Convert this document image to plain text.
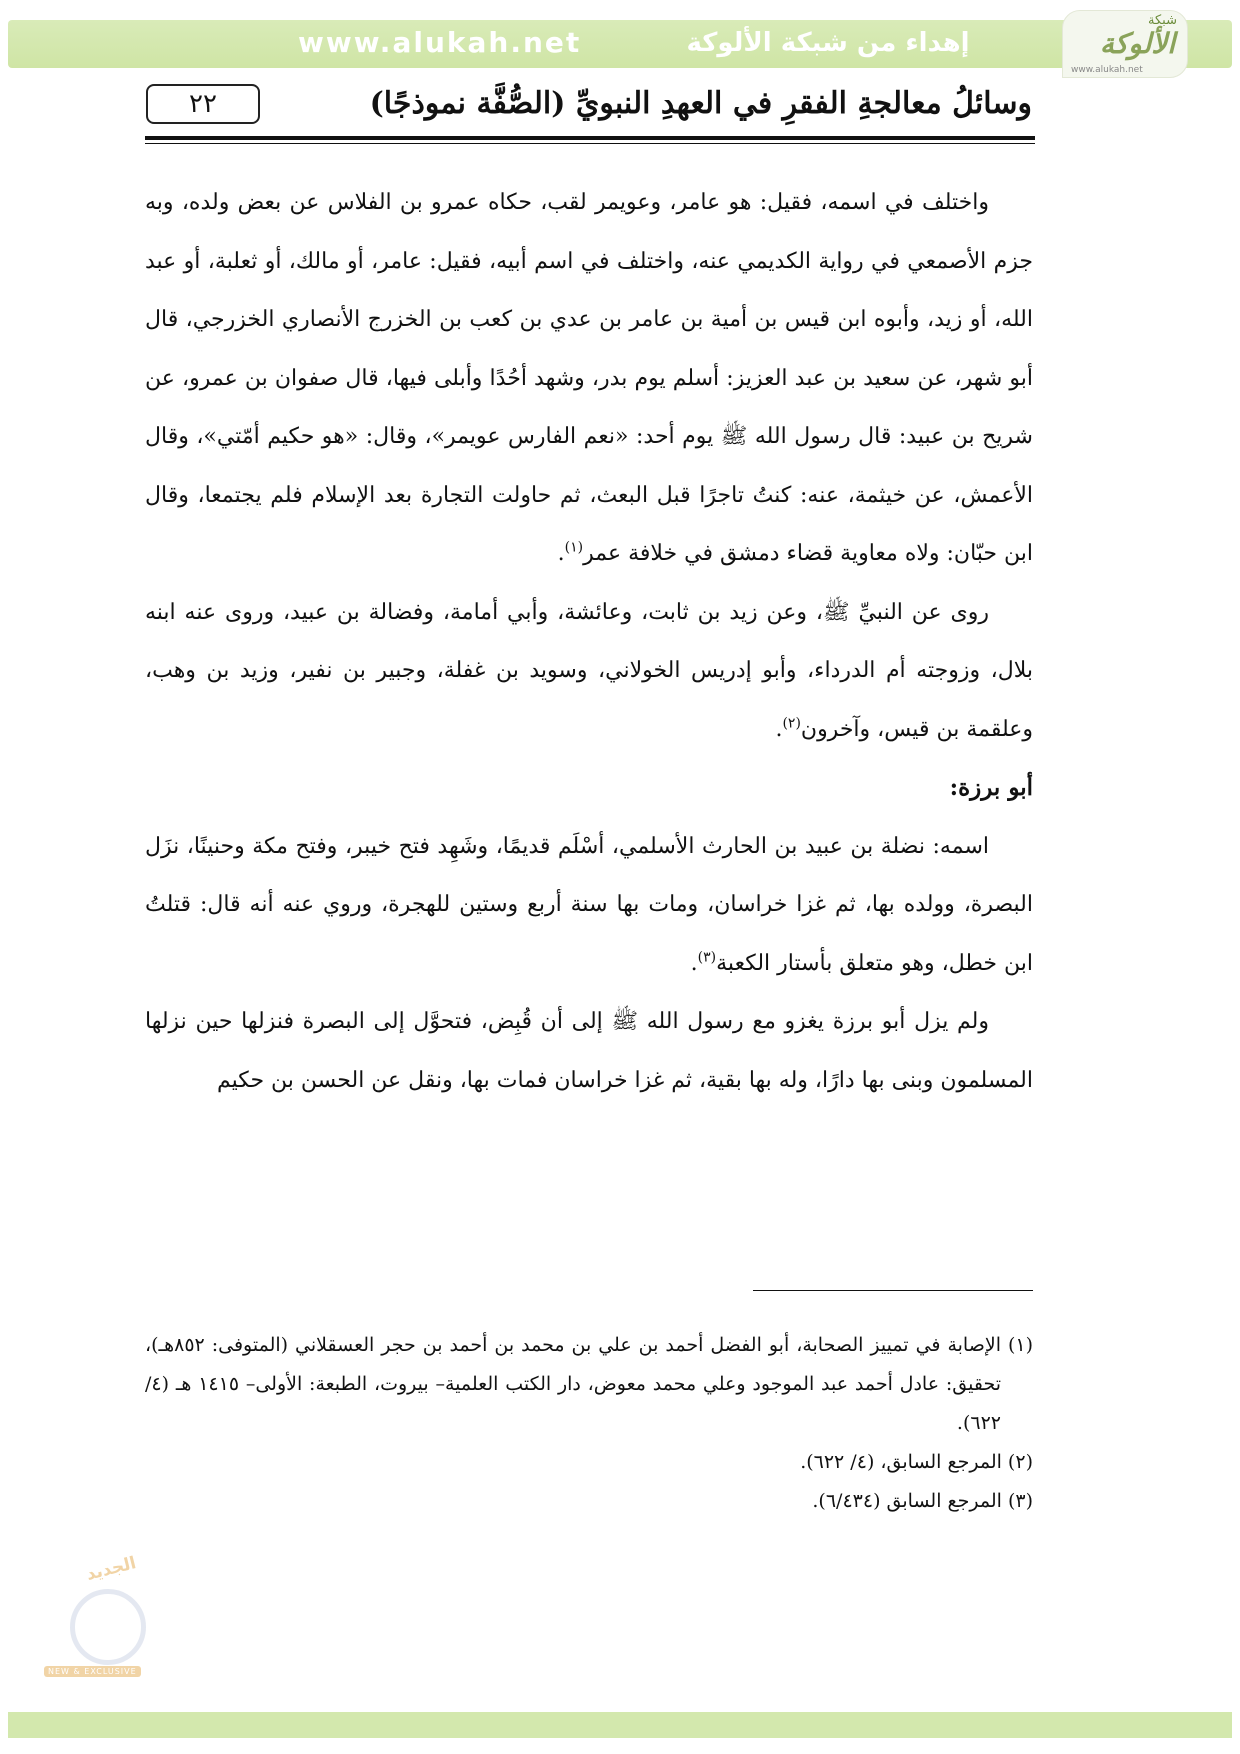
www.alukah.net	إهداء من شبكة الألوكة
شبكة
الألوكة
www.alukah.net
٢٢	وسائلُ معالجةِ الفقرِ في العهدِ النبويِّ (الصُّفَّة نموذجًا)

واختلف في اسمه، فقيل: هو عامر، وعويمر لقب، حكاه عمرو بن الفلاس عن بعض ولده، وبه جزم الأصمعي في رواية الكديمي عنه، واختلف في اسم أبيه، فقيل: عامر، أو مالك، أو ثعلبة، أو عبد الله، أو زيد، وأبوه ابن قيس بن أمية بن عامر بن عدي بن كعب بن الخزرج الأنصاري الخزرجي، قال أبو شهر، عن سعيد بن عبد العزيز: أسلم يوم بدر، وشهد أحُدًا وأبلى فيها، قال صفوان بن عمرو، عن شريح بن عبيد: قال رسول الله ﷺ يوم أحد: «نعم الفارس عويمر»، وقال: «هو حكيم أمّتي»، وقال الأعمش، عن خيثمة، عنه: كنتُ تاجرًا قبل البعث، ثم حاولت التجارة بعد الإسلام فلم يجتمعا، وقال ابن حبّان: ولاه معاوية قضاء دمشق في خلافة عمر$^{(١)}$.

روى عن النبيِّ ﷺ، وعن زيد بن ثابت، وعائشة، وأبي أمامة، وفضالة بن عبيد، وروى عنه ابنه بلال، وزوجته أم الدرداء، وأبو إدريس الخولاني، وسويد بن غفلة، وجبير بن نفير، وزيد بن وهب، وعلقمة بن قيس، وآخرون$^{(٢)}$.

أبو برزة:

اسمه: نضلة بن عبيد بن الحارث الأسلمي، أسْلَم قديمًا، وشَهِد فتح خيبر، وفتح مكة وحنينًا، نزَل البصرة، وولده بها، ثم غزا خراسان، ومات بها سنة أربع وستين للهجرة، وروي عنه أنه قال: قتلتُ ابن خطل، وهو متعلق بأستار الكعبة$^{(٣)}$.

ولم يزل أبو برزة يغزو مع رسول الله ﷺ إلى أن قُبِض، فتحوَّل إلى البصرة فنزلها حين نزلها المسلمون وبنى بها دارًا، وله بها بقية، ثم غزا خراسان فمات بها، ونقل عن الحسن بن حكيم

(١) الإصابة في تمييز الصحابة، أبو الفضل أحمد بن علي بن محمد بن أحمد بن حجر العسقلاني (المتوفى: ٨٥٢هـ)، تحقيق: عادل أحمد عبد الموجود وعلي محمد معوض، دار الكتب العلمية– بيروت، الطبعة: الأولى– ١٤١٥ هـ (٤/ ٦٢٢).

(٢) المرجع السابق، (٤/ ٦٢٢).

(٣) المرجع السابق (٦/٤٣٤).

الجديد
NEW & EXCLUSIVE
